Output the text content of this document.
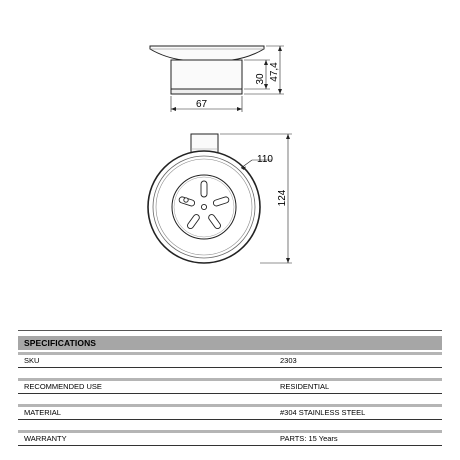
67
30 47,4
110
124
SPECIFICATIONS
SKU	2303
RECOMMENDED USE	RESIDENTIAL
MATERIAL	#304 STAINLESS STEEL
WARRANTY	PARTS: 15 Years
